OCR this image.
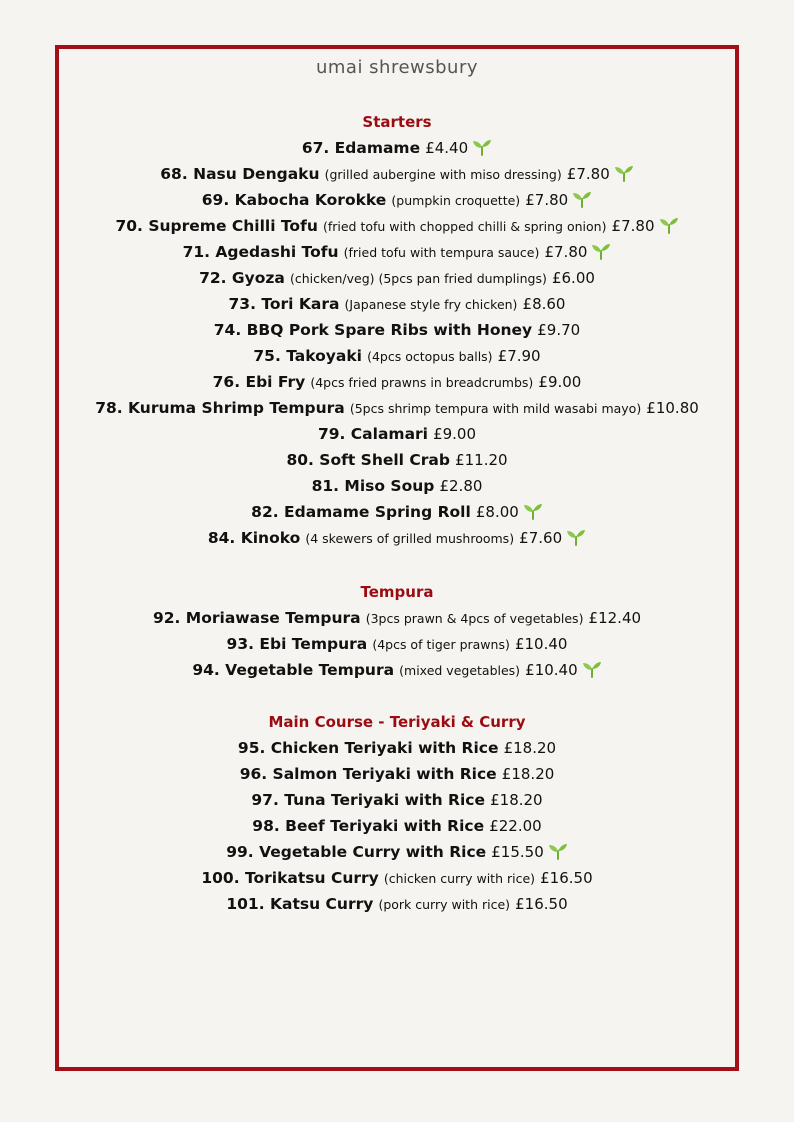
umai shrewsbury
Starters
67. Edamame £4.40
68. Nasu Dengaku (grilled aubergine with miso dressing) £7.80
69. Kabocha Korokke (pumpkin croquette) £7.80
70. Supreme Chilli Tofu (fried tofu with chopped chilli & spring onion) £7.80
71. Agedashi Tofu (fried tofu with tempura sauce) £7.80
72. Gyoza (chicken/veg) (5pcs pan fried dumplings) £6.00
73. Tori Kara (Japanese style fry chicken) £8.60
74. BBQ Pork Spare Ribs with Honey £9.70
75. Takoyaki (4pcs octopus balls) £7.90
76. Ebi Fry (4pcs fried prawns in breadcrumbs) £9.00
78. Kuruma Shrimp Tempura (5pcs shrimp tempura with mild wasabi mayo) £10.80
79. Calamari £9.00
80. Soft Shell Crab £11.20
81. Miso Soup £2.80
82. Edamame Spring Roll £8.00
84. Kinoko (4 skewers of grilled mushrooms) £7.60
Tempura
92. Moriawase Tempura (3pcs prawn & 4pcs of vegetables) £12.40
93. Ebi Tempura (4pcs of tiger prawns) £10.40
94. Vegetable Tempura (mixed vegetables) £10.40
Main Course - Teriyaki & Curry
95. Chicken Teriyaki with Rice £18.20
96. Salmon Teriyaki with Rice £18.20
97. Tuna Teriyaki with Rice £18.20
98. Beef Teriyaki with Rice £22.00
99. Vegetable Curry with Rice £15.50
100. Torikatsu Curry (chicken curry with rice) £16.50
101. Katsu Curry (pork curry with rice) £16.50
